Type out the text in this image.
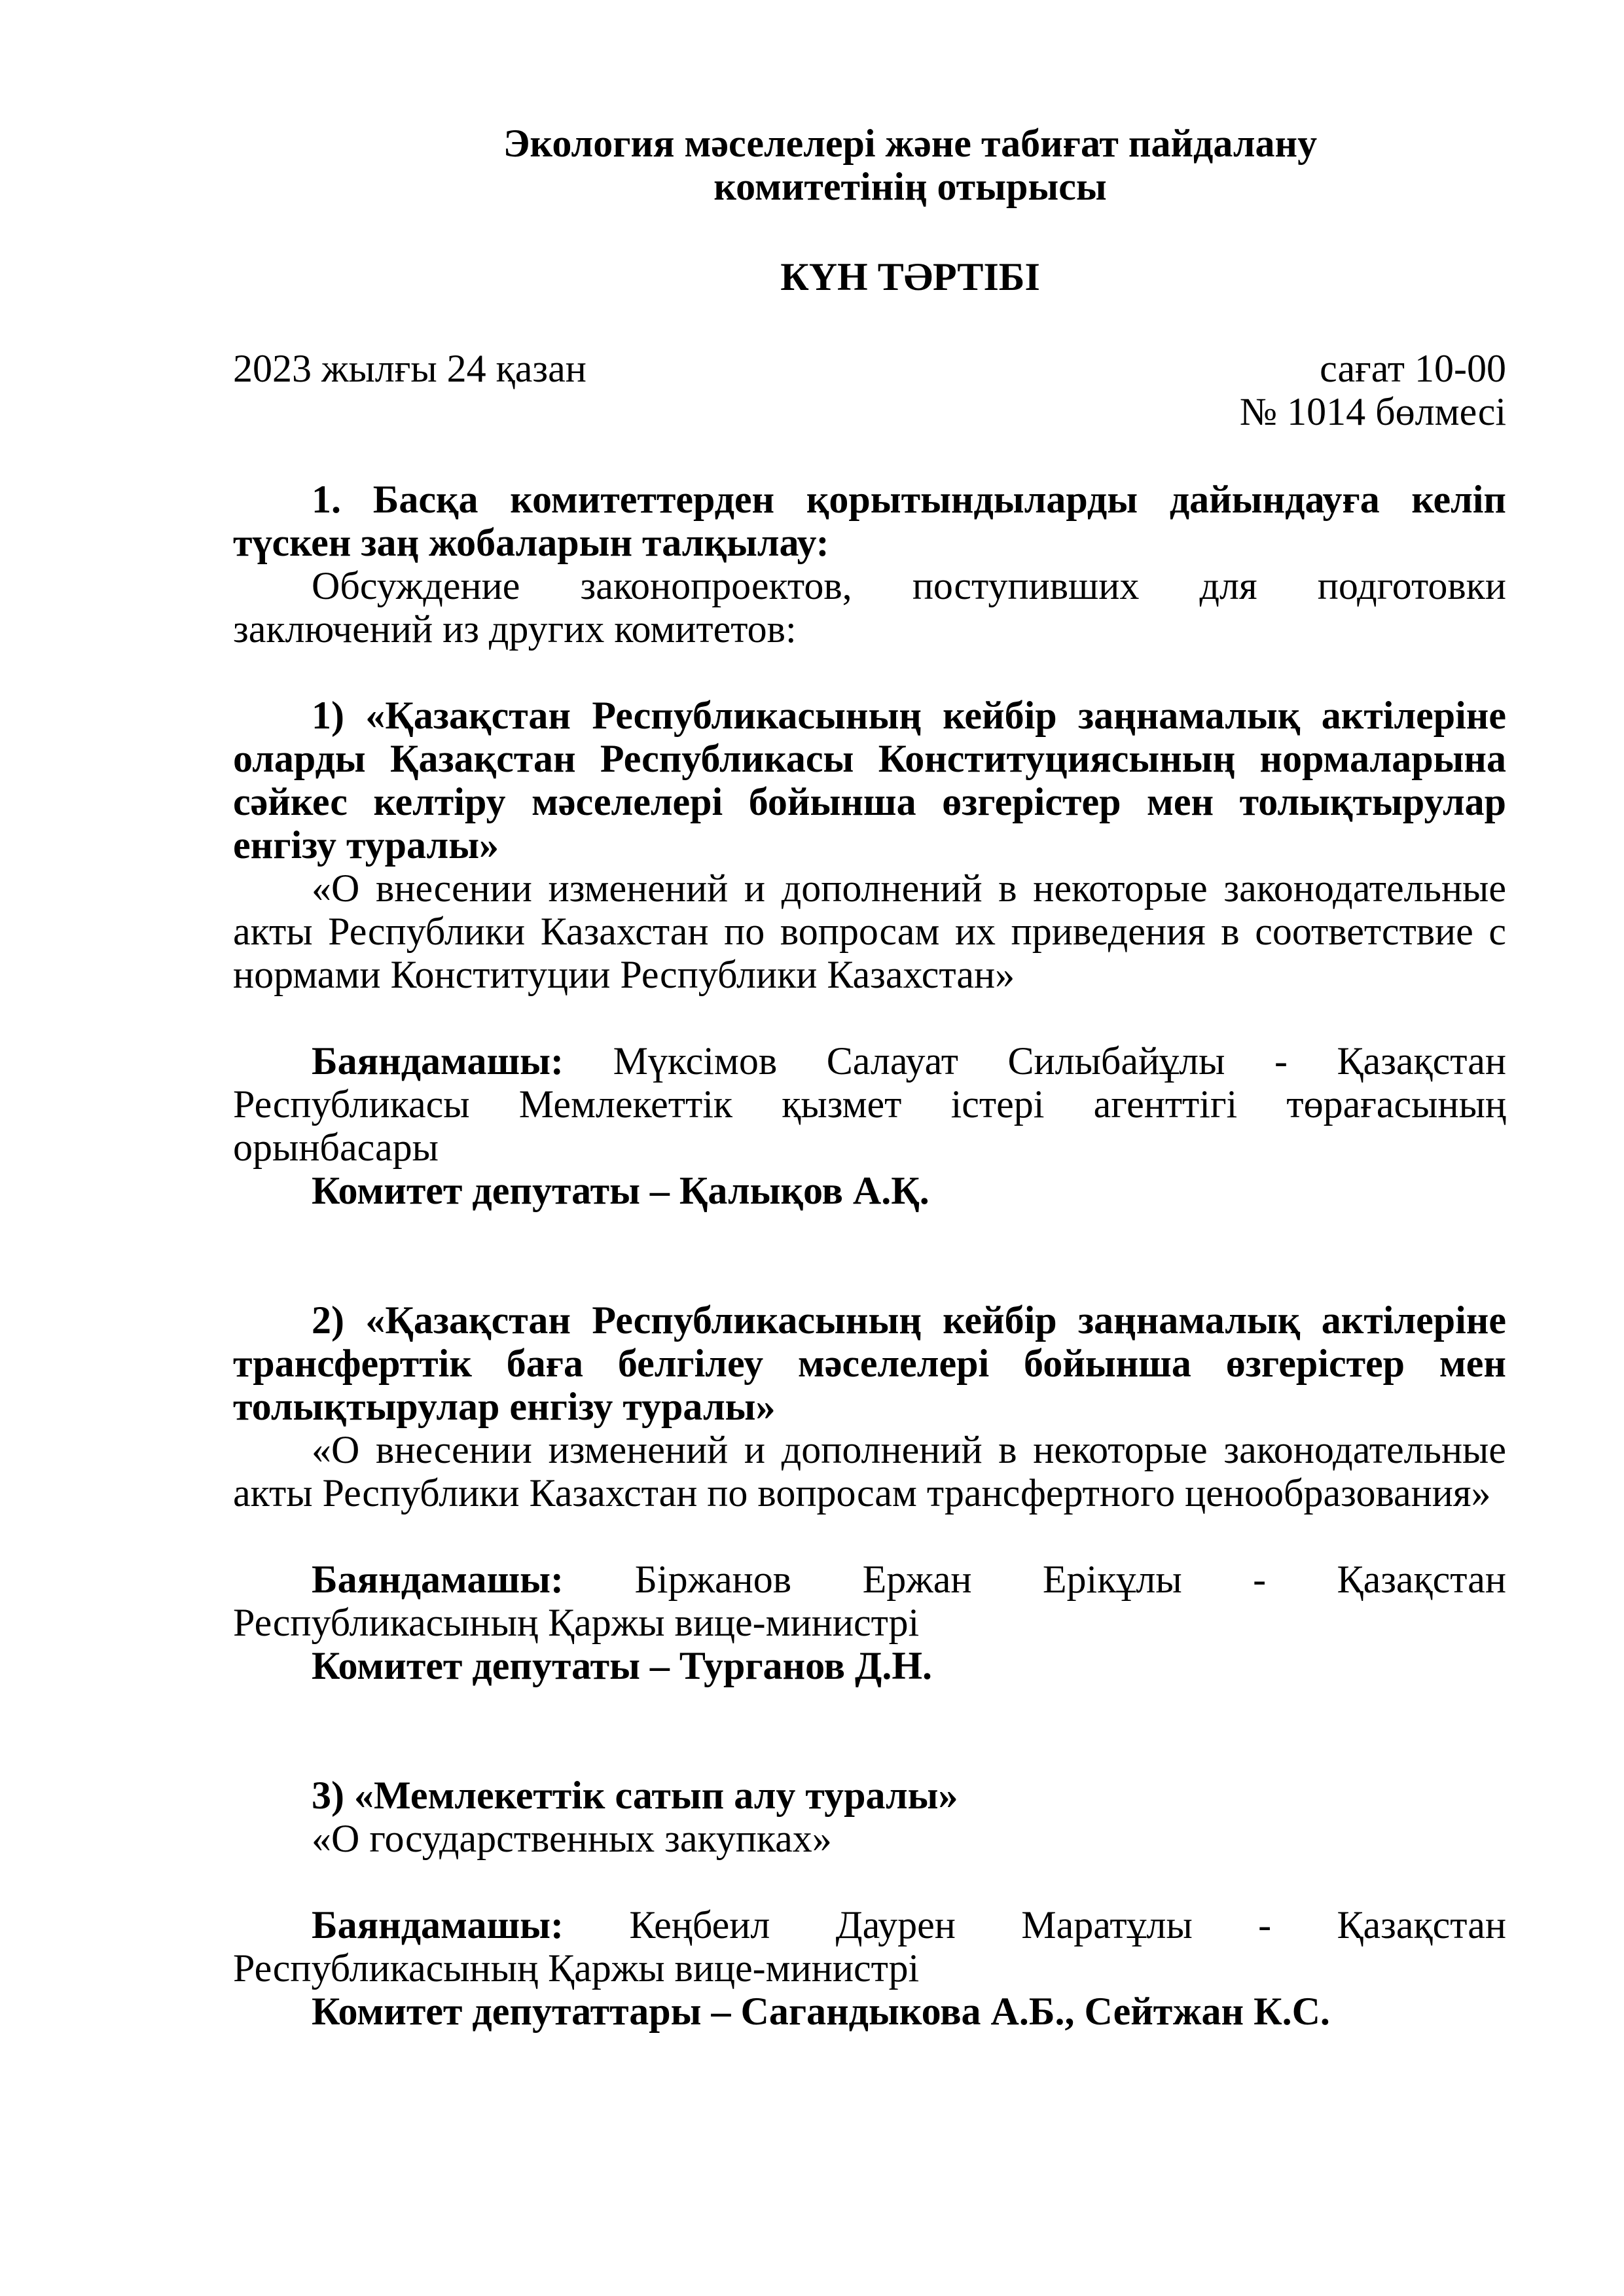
Экология мәселелері және табиғат пайдалану
комитетінің отырысы
КҮН ТӘРТІБІ
2023 жылғы 24 қазан	сағат 10-00
№ 1014 бөлмесі

1. Басқа комитеттерден қорытындыларды дайындауға келіп түскен заң жобаларын талқылау:

Обсуждение законопроектов, поступивших для подготовки заключений из других комитетов:

1) «Қазақстан Республикасының кейбір заңнамалық актілеріне оларды Қазақстан Республикасы Конституциясының нормаларына сәйкес келтіру мәселелері бойынша өзгерістер мен толықтырулар енгізу туралы»

«О внесении изменений и дополнений в некоторые законодательные акты Республики Казахстан по вопросам их приведения в соответствие с нормами Конституции Республики Казахстан»

Баяндамашы: Мүксімов Салауат Силыбайұлы - Қазақстан Республикасы Мемлекеттік қызмет істері агенттігі төрағасының орынбасары

Комитет депутаты – Қалықов А.Қ.

2) «Қазақстан Республикасының кейбір заңнамалық актілеріне трансферттік баға белгілеу мәселелері бойынша өзгерістер мен толықтырулар енгізу туралы»

«О внесении изменений и дополнений в некоторые законодательные акты Республики Казахстан по вопросам трансфертного ценообразования»

Баяндамашы: Біржанов Ержан Ерікұлы - Қазақстан Республикасының Қаржы вице-министрі

Комитет депутаты – Турганов Д.Н.

3) «Мемлекеттік сатып алу туралы»

«О государственных закупках»

Баяндамашы: Кеңбеил Даурен Маратұлы - Қазақстан Республикасының Қаржы вице-министрі

Комитет депутаттары – Сагандыкова А.Б., Сейтжан К.С.
